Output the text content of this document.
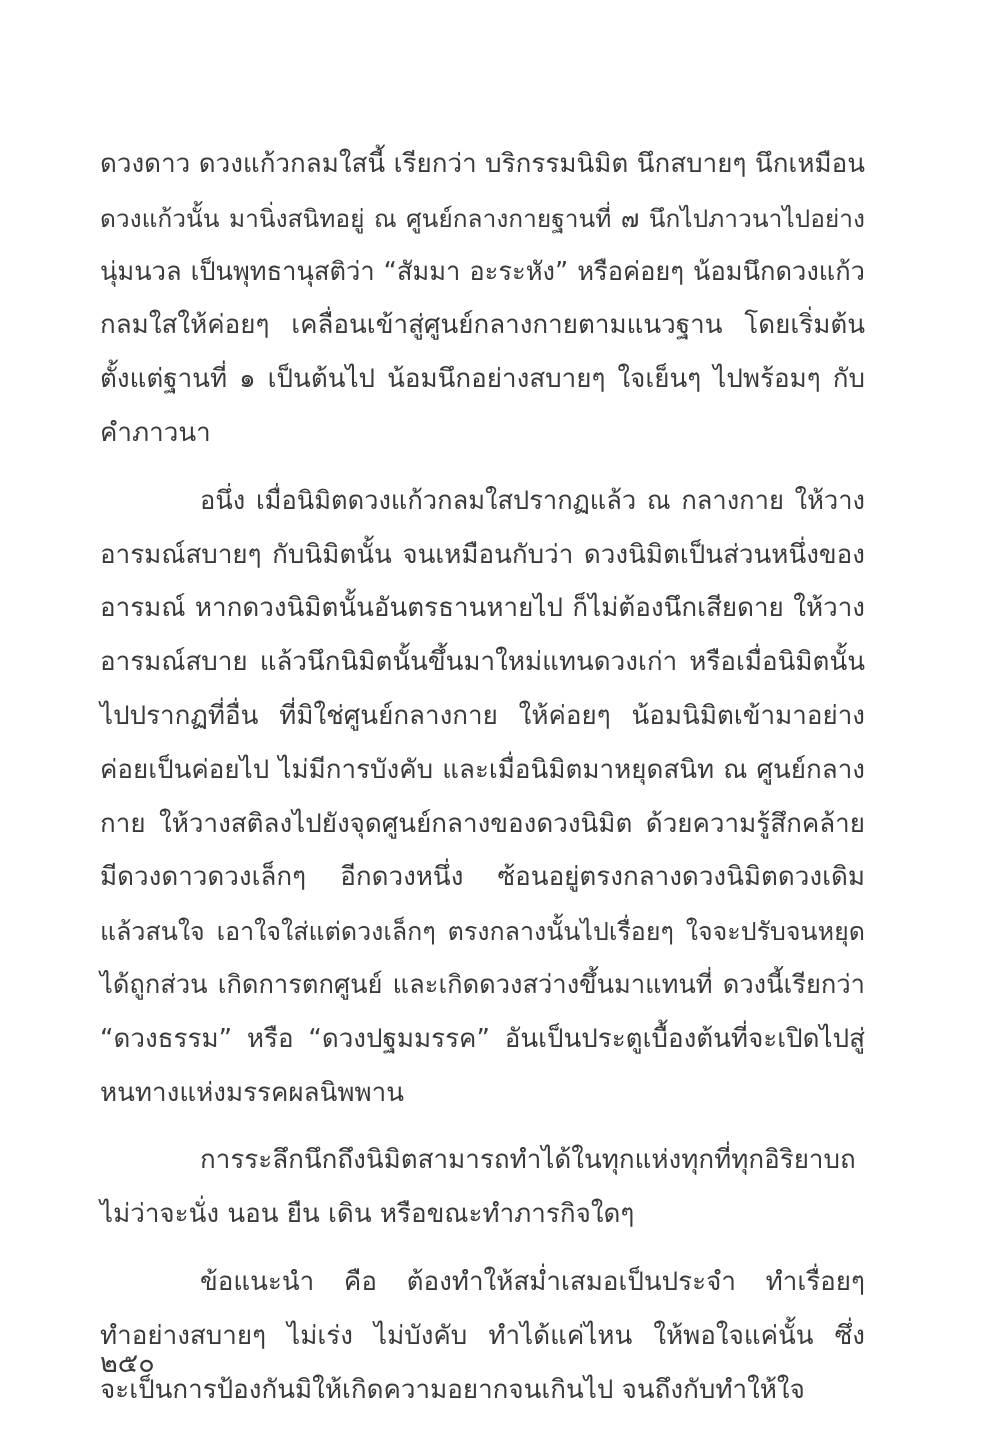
ดวงดาว ดวงแก้วกลมใสนี้ เรียกว่า บริกรรมนิมิต นึกสบายๆ นึกเหมือน
ดวงแก้วนั้น มานิ่งสนิทอยู่ ณ ศูนย์กลางกายฐานที่ ๗ นึกไปภาวนาไปอย่าง
นุ่มนวล เป็นพุทธานุสติว่า “สัมมา อะระหัง” หรือค่อยๆ น้อมนึกดวงแก้ว
กลมใสให้ค่อยๆ เคลื่อนเข้าสู่ศูนย์กลางกายตามแนวฐาน โดยเริ่มต้น
ตั้งแต่ฐานที่ ๑ เป็นต้นไป น้อมนึกอย่างสบายๆ ใจเย็นๆ ไปพร้อมๆ กับ
คำภาวนา
อนึ่ง เมื่อนิมิตดวงแก้วกลมใสปรากฏแล้ว ณ กลางกาย ให้วาง
อารมณ์สบายๆ กับนิมิตนั้น จนเหมือนกับว่า ดวงนิมิตเป็นส่วนหนึ่งของ
อารมณ์ หากดวงนิมิตนั้นอันตรธานหายไป ก็ไม่ต้องนึกเสียดาย ให้วาง
อารมณ์สบาย แล้วนึกนิมิตนั้นขึ้นมาใหม่แทนดวงเก่า หรือเมื่อนิมิตนั้น
ไปปรากฏที่อื่น ที่มิใช่ศูนย์กลางกาย ให้ค่อยๆ น้อมนิมิตเข้ามาอย่าง
ค่อยเป็นค่อยไป ไม่มีการบังคับ และเมื่อนิมิตมาหยุดสนิท ณ ศูนย์กลาง
กาย ให้วางสติลงไปยังจุดศูนย์กลางของดวงนิมิต ด้วยความรู้สึกคล้าย
มีดวงดาวดวงเล็กๆ อีกดวงหนึ่ง ซ้อนอยู่ตรงกลางดวงนิมิตดวงเดิม
แล้วสนใจ เอาใจใส่แต่ดวงเล็กๆ ตรงกลางนั้นไปเรื่อยๆ ใจจะปรับจนหยุด
ได้ถูกส่วน เกิดการตกศูนย์ และเกิดดวงสว่างขึ้นมาแทนที่ ดวงนี้เรียกว่า
“ดวงธรรม” หรือ “ดวงปฐมมรรค” อันเป็นประตูเบื้องต้นที่จะเปิดไปสู่
หนทางแห่งมรรคผลนิพพาน
การระลึกนึกถึงนิมิตสามารถทำได้ในทุกแห่งทุกที่ทุกอิริยาบถ
ไม่ว่าจะนั่ง นอน ยืน เดิน หรือขณะทำภารกิจใดๆ
ข้อแนะนำ คือ ต้องทำให้สม่ำเสมอเป็นประจำ ทำเรื่อยๆ
ทำอย่างสบายๆ ไม่เร่ง ไม่บังคับ ทำได้แค่ไหน ให้พอใจแค่นั้น ซึ่ง
จะเป็นการป้องกันมิให้เกิดความอยากจนเกินไป จนถึงกับทำให้ใจ
๒๕๐
